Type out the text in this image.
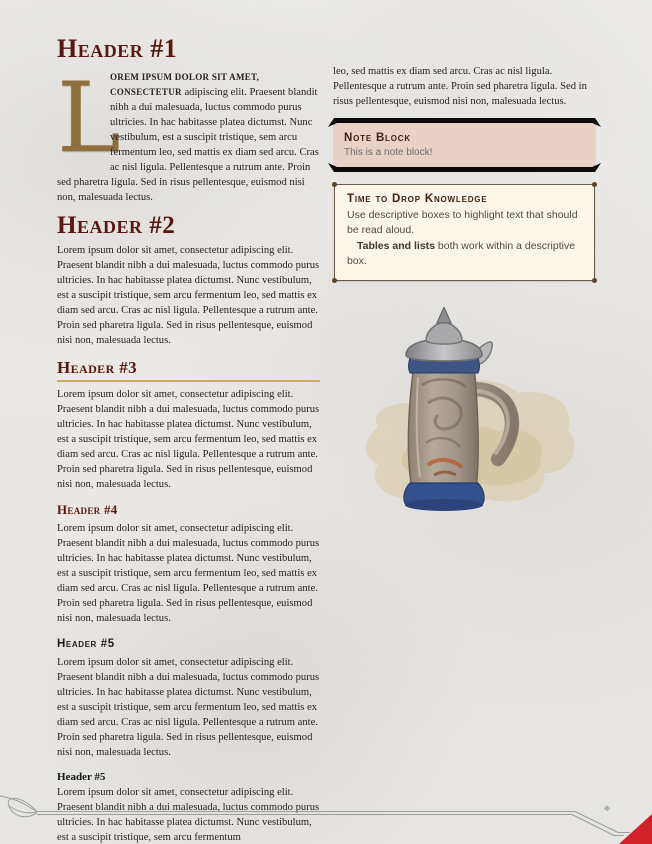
Header #1

L
OREM IPSUM DOLOR SIT AMET, CONSECTETUR adipiscing elit. Praesent blandit nibh a dui malesuada, luctus commodo purus ultricies. In hac habitasse platea dictumst. Nunc vestibulum, est a suscipit tristique, sem arcu fermentum leo, sed mattis ex diam sed arcu. Cras ac nisl ligula. Pellentesque a rutrum ante. Proin sed pharetra ligula. Sed in risus pellentesque, euismod nisi non, malesuada lectus.

Header #2

Lorem ipsum dolor sit amet, consectetur adipiscing elit. Praesent blandit nibh a dui malesuada, luctus commodo purus ultricies. In hac habitasse platea dictumst. Nunc vestibulum, est a suscipit tristique, sem arcu fermentum leo, sed mattis ex diam sed arcu. Cras ac nisl ligula. Pellentesque a rutrum ante. Proin sed pharetra ligula. Sed in risus pellentesque, euismod nisi non, malesuada lectus.

Header #3

Lorem ipsum dolor sit amet, consectetur adipiscing elit. Praesent blandit nibh a dui malesuada, luctus commodo purus ultricies. In hac habitasse platea dictumst. Nunc vestibulum, est a suscipit tristique, sem arcu fermentum leo, sed mattis ex diam sed arcu. Cras ac nisl ligula. Pellentesque a rutrum ante. Proin sed pharetra ligula. Sed in risus pellentesque, euismod nisi non, malesuada lectus.

Header #4

Lorem ipsum dolor sit amet, consectetur adipiscing elit. Praesent blandit nibh a dui malesuada, luctus commodo purus ultricies. In hac habitasse platea dictumst. Nunc vestibulum, est a suscipit tristique, sem arcu fermentum leo, sed mattis ex diam sed arcu. Cras ac nisl ligula. Pellentesque a rutrum ante. Proin sed pharetra ligula. Sed in risus pellentesque, euismod nisi non, malesuada lectus.

Header #5

Lorem ipsum dolor sit amet, consectetur adipiscing elit. Praesent blandit nibh a dui malesuada, luctus commodo purus ultricies. In hac habitasse platea dictumst. Nunc vestibulum, est a suscipit tristique, sem arcu fermentum leo, sed mattis ex diam sed arcu. Cras ac nisl ligula. Pellentesque a rutrum ante. Proin sed pharetra ligula. Sed in risus pellentesque, euismod nisi non, malesuada lectus.

Header #5

Lorem ipsum dolor sit amet, consectetur adipiscing elit. Praesent blandit nibh a dui malesuada, luctus commodo purus ultricies. In hac habitasse platea dictumst. Nunc vestibulum, est a suscipit tristique, sem arcu fermentum

leo, sed mattis ex diam sed arcu. Cras ac nisl ligula. Pellentesque a rutrum ante. Proin sed pharetra ligula. Sed in risus pellentesque, euismod nisi non, malesuada lectus.

Note Block
This is a note block!
Time to Drop Knowledge

Use descriptive boxes to highlight text that should be read aloud.

Tables and lists both work within a descriptive box.
